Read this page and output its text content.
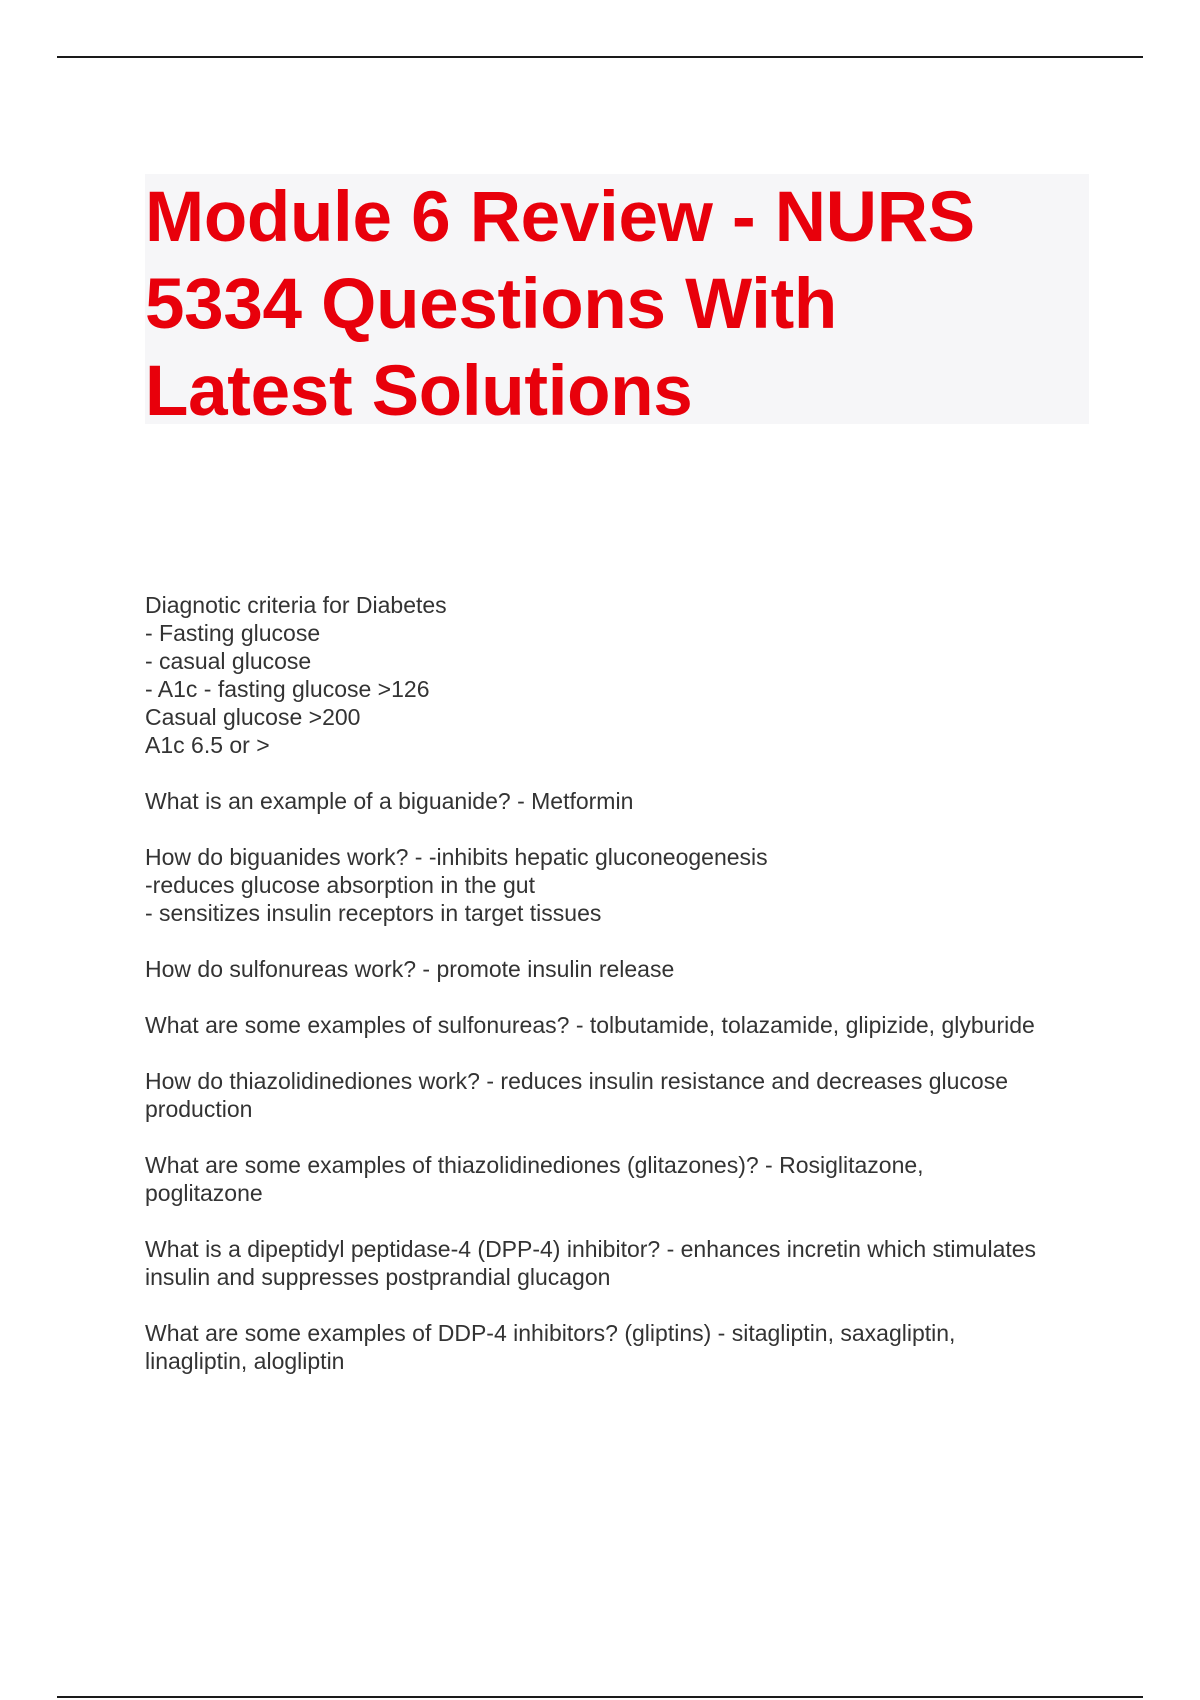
Module 6 Review - NURS
5334 Questions With
Latest Solutions
Diagnotic criteria for Diabetes
- Fasting glucose
- casual glucose
- A1c - fasting glucose >126
Casual glucose >200
A1c 6.5 or >
What is an example of a biguanide? - Metformin
How do biguanides work? - -inhibits hepatic gluconeogenesis
-reduces glucose absorption in the gut
- sensitizes insulin receptors in target tissues
How do sulfonureas work? - promote insulin release
What are some examples of sulfonureas? - tolbutamide, tolazamide, glipizide, glyburide
How do thiazolidinediones work? - reduces insulin resistance and decreases glucose
production
What are some examples of thiazolidinediones (glitazones)? - Rosiglitazone,
poglitazone
What is a dipeptidyl peptidase-4 (DPP-4) inhibitor? - enhances incretin which stimulates
insulin and suppresses postprandial glucagon
What are some examples of DDP-4 inhibitors? (gliptins) - sitagliptin, saxagliptin,
linagliptin, alogliptin
